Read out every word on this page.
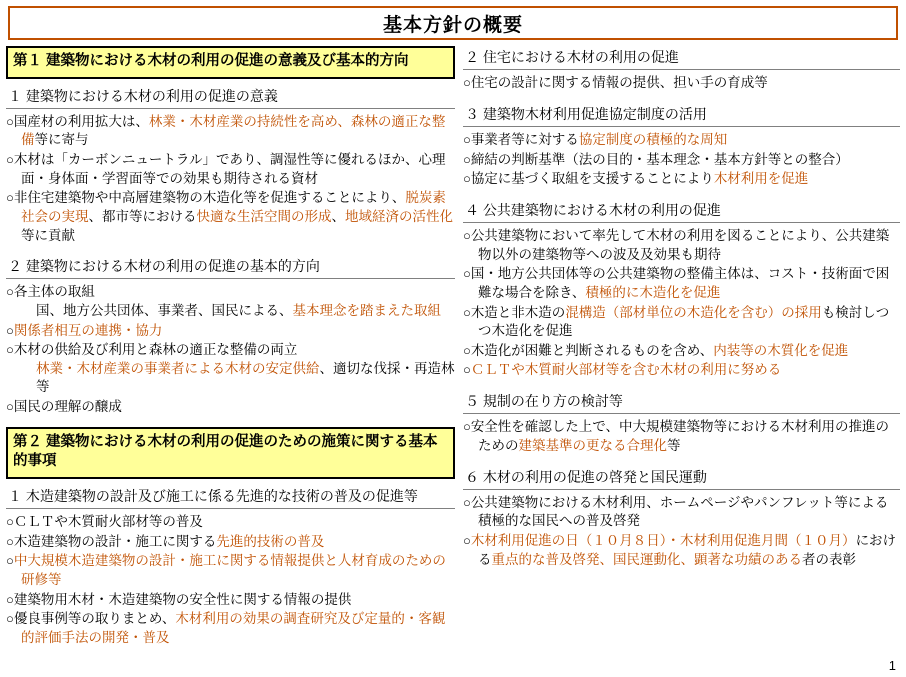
基本方針の概要
第１ 建築物における木材の利用の促進の意義及び基本的方向
１ 建築物における木材の利用の促進の意義
○国産材の利用拡大は、林業・木材産業の持続性を高め、森林の適正な整備等に寄与
○木材は「カーボンニュートラル」であり、調湿性等に優れるほか、心理面・身体面・学習面等での効果も期待される資材
○非住宅建築物や中高層建築物の木造化等を促進することにより、脱炭素社会の実現、都市等における快適な生活空間の形成、地域経済の活性化等に貢献
２ 建築物における木材の利用の促進の基本的方向
○各主体の取組
国、地方公共団体、事業者、国民による、基本理念を踏まえた取組
○関係者相互の連携・協力
○木材の供給及び利用と森林の適正な整備の両立
林業・木材産業の事業者による木材の安定供給、適切な伐採・再造林等
○国民の理解の醸成
第２ 建築物における木材の利用の促進のための施策に関する基本的事項
１ 木造建築物の設計及び施工に係る先進的な技術の普及の促進等
○ＣＬＴや木質耐火部材等の普及
○木造建築物の設計・施工に関する先進的技術の普及
○中大規模木造建築物の設計・施工に関する情報提供と人材育成のための研修等
○建築物用木材・木造建築物の安全性に関する情報の提供
○優良事例等の取りまとめ、木材利用の効果の調査研究及び定量的・客観的評価手法の開発・普及
２ 住宅における木材の利用の促進
○住宅の設計に関する情報の提供、担い手の育成等
３ 建築物木材利用促進協定制度の活用
○事業者等に対する協定制度の積極的な周知
○締結の判断基準（法の目的・基本理念・基本方針等との整合）
○協定に基づく取組を支援することにより木材利用を促進
４ 公共建築物における木材の利用の促進
○公共建築物において率先して木材の利用を図ることにより、公共建築物以外の建築物等への波及及効果も期待
○国・地方公共団体等の公共建築物の整備主体は、コスト・技術面で困難な場合を除き、積極的に木造化を促進
○木造と非木造の混構造（部材単位の木造化を含む）の採用も検討しつつ木造化を促進
○木造化が困難と判断されるものを含め、内装等の木質化を促進
○ＣＬＴや木質耐火部材等を含む木材の利用に努める
５ 規制の在り方の検討等
○安全性を確認した上で、中大規模建築物等における木材利用の推進のための建築基準の更なる合理化等
６ 木材の利用の促進の啓発と国民運動
○公共建築物における木材利用、ホームページやパンフレット等による積極的な国民への普及啓発
○木材利用促進の日（１０月８日）・木材利用促進月間（１０月）における重点的な普及啓発、国民運動化、顕著な功績のある者の表彰
1
